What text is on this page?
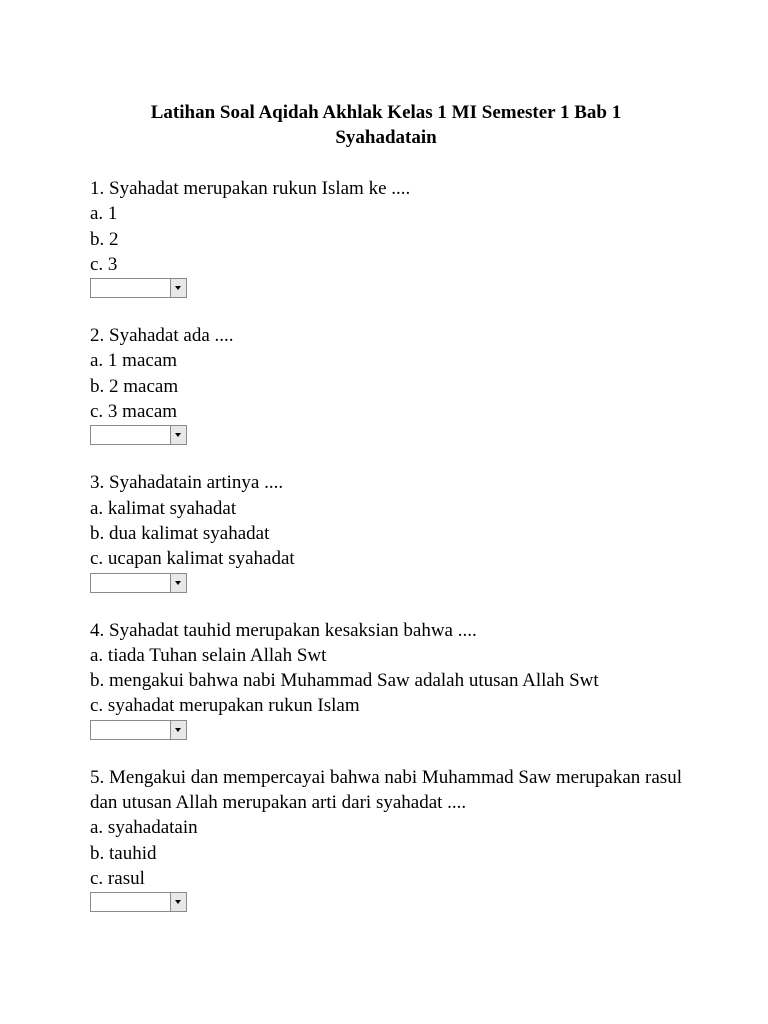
Latihan Soal Aqidah Akhlak Kelas 1 MI Semester 1 Bab 1
Syahadatain
1. Syahadat merupakan rukun Islam ke ....
a. 1
b. 2
c. 3
2. Syahadat ada ....
a. 1 macam
b. 2 macam
c. 3 macam
3. Syahadatain artinya ....
a. kalimat syahadat
b. dua kalimat syahadat
c. ucapan kalimat syahadat
4. Syahadat tauhid merupakan kesaksian bahwa ....
a. tiada Tuhan selain Allah Swt
b. mengakui bahwa nabi Muhammad Saw adalah utusan Allah Swt
c. syahadat merupakan rukun Islam
5. Mengakui dan mempercayai bahwa nabi Muhammad Saw merupakan rasul dan utusan Allah merupakan arti dari syahadat ....
a. syahadatain
b. tauhid
c. rasul
